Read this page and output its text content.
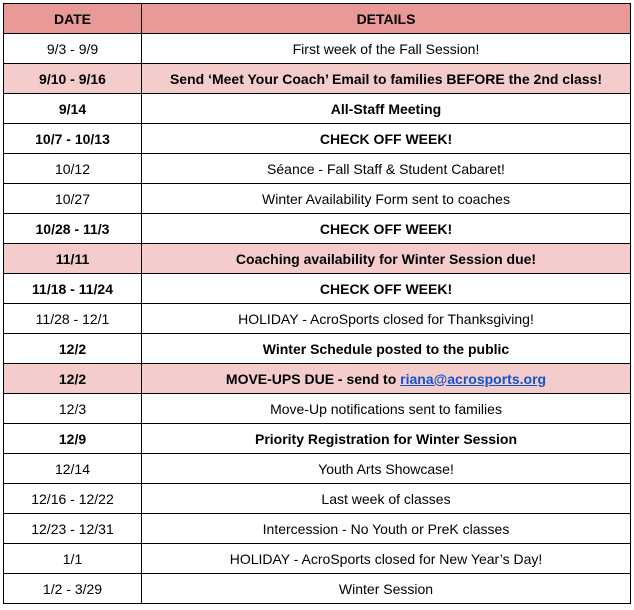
DATE	DETAILS
9/3 - 9/9	First week of the Fall Session!
9/10 - 9/16	Send ‘Meet Your Coach’ Email to families BEFORE the 2nd class!
9/14	All-Staff Meeting
10/7 - 10/13	CHECK OFF WEEK!
10/12	Séance - Fall Staff & Student Cabaret!
10/27	Winter Availability Form sent to coaches
10/28 - 11/3	CHECK OFF WEEK!
11/11	Coaching availability for Winter Session due!
11/18 - 11/24	CHECK OFF WEEK!
11/28 - 12/1	HOLIDAY - AcroSports closed for Thanksgiving!
12/2	Winter Schedule posted to the public
12/2	MOVE-UPS DUE - send to riana@acrosports.org
12/3	Move-Up notifications sent to families
12/9	Priority Registration for Winter Session
12/14	Youth Arts Showcase!
12/16 - 12/22	Last week of classes
12/23 - 12/31	Intercession - No Youth or PreK classes
1/1	HOLIDAY - AcroSports closed for New Year’s Day!
1/2 - 3/29	Winter Session
